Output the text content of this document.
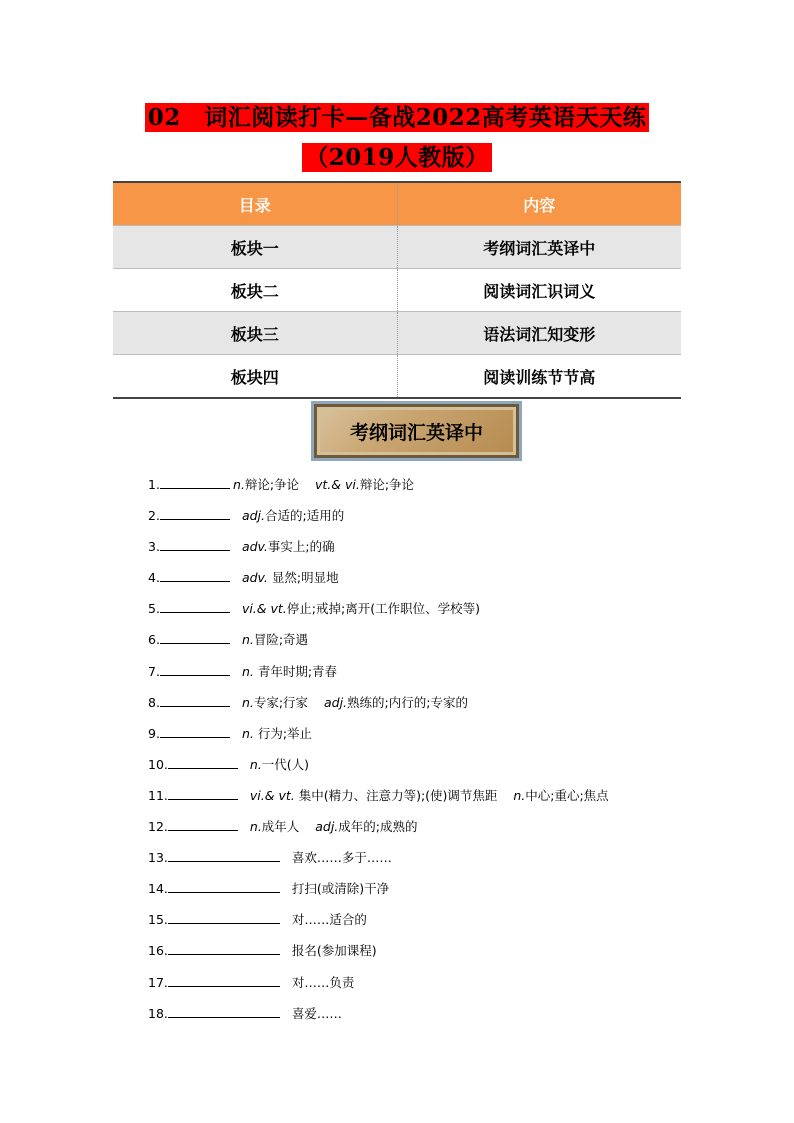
02　词汇阅读打卡—备战2022高考英语天天练
（2019人教版）
目录	内容
板块一	考纲词汇英译中
板块二	阅读词汇识词义
板块三	语法词汇知变形
板块四	阅读训练节节高
考纲词汇英译中
1.	n.辩论;争论 vt.& vi.辩论;争论
2.	adj.合适的;适用的
3.	adv.事实上;的确
4.	adv. 显然;明显地
5.	vi.& vt.停止;戒掉;离开(工作职位、学校等)
6.	n.冒险;奇遇
7.	n. 青年时期;青春
8.	n.专家;行家 adj.熟练的;内行的;专家的
9.	n. 行为;举止
10.	n.一代(人)
11.	vi.& vt. 集中(精力、注意力等);(使)调节焦距 n.中心;重心;焦点
12.	n.成年人 adj.成年的;成熟的
13.	喜欢……多于……
14.	打扫(或清除)干净
15.	对……适合的
16.	报名(参加课程)
17.	对……负责
18.	喜爱……
